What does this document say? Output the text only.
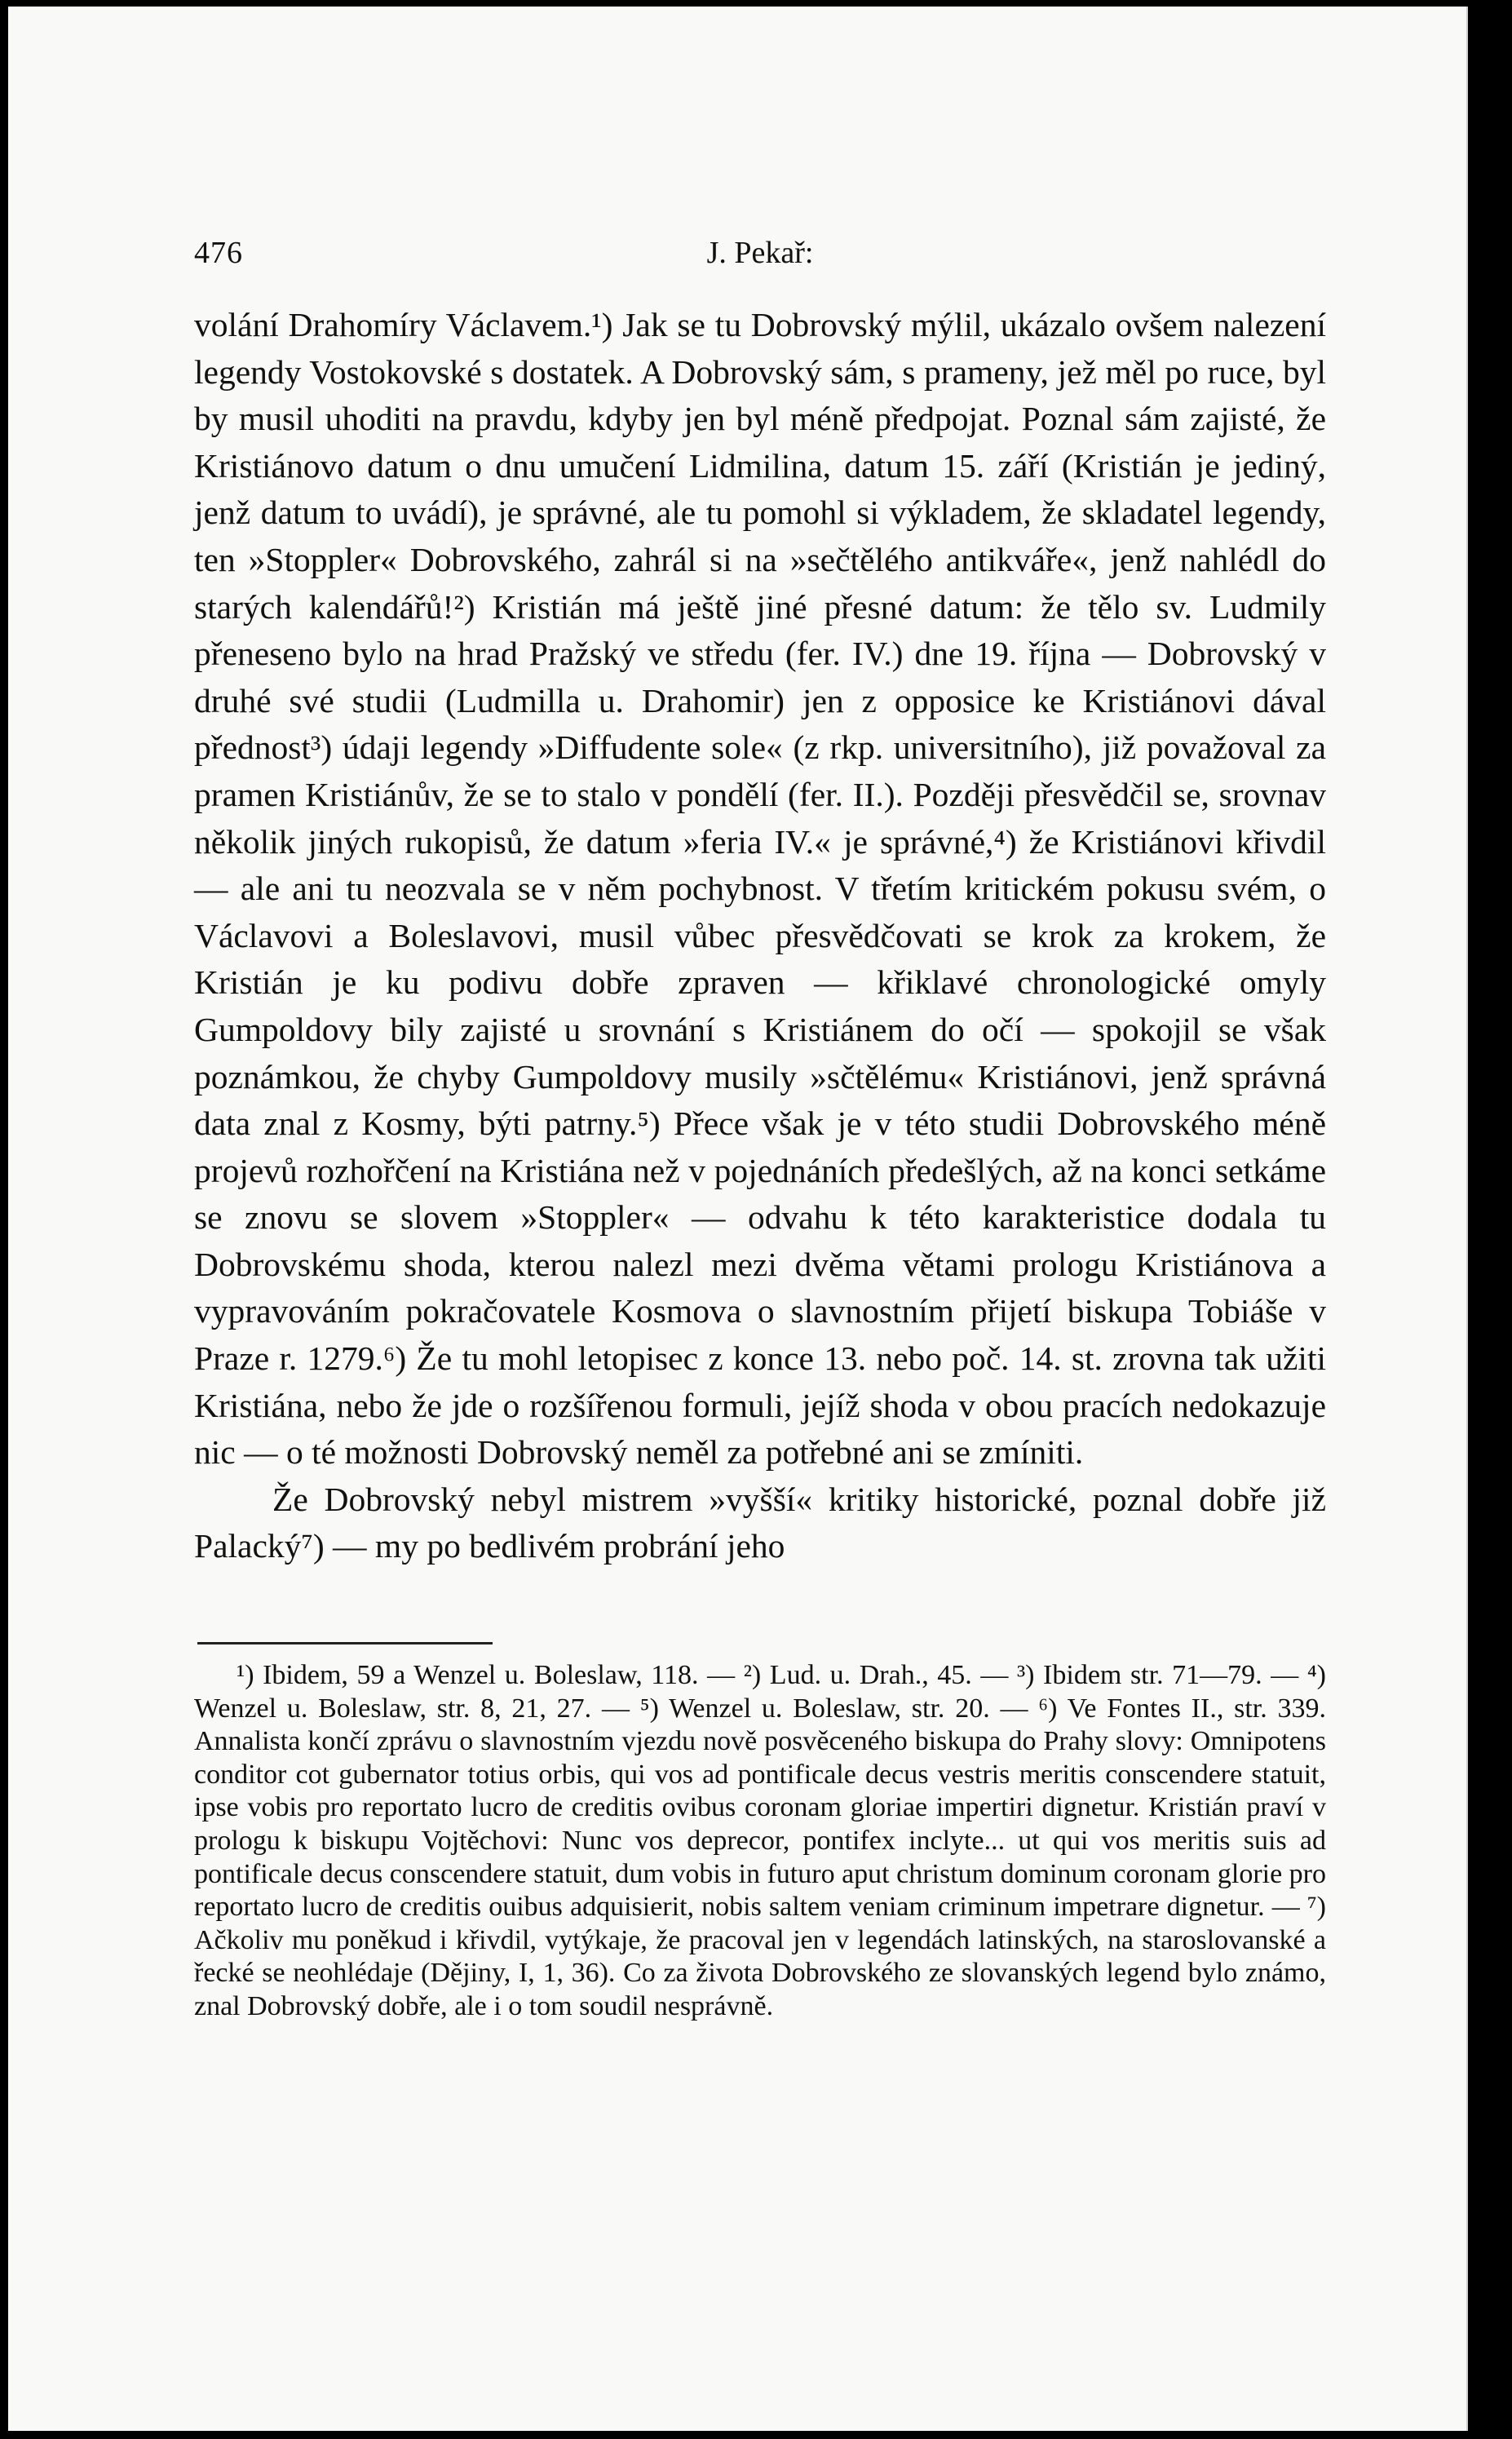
476	J. Pekař:

volání Drahomíry Václavem.¹) Jak se tu Dobrovský mýlil, ukázalo ovšem nalezení legendy Vostokovské s dostatek. A Dobrovský sám, s prameny, jež měl po ruce, byl by musil uhoditi na pravdu, kdyby jen byl méně předpojat. Poznal sám zajisté, že Kristiánovo datum o dnu umučení Lidmilina, datum 15. září (Kristián je jediný, jenž datum to uvádí), je správné, ale tu pomohl si výkladem, že skladatel legendy, ten »Stoppler« Dobrovského, zahrál si na »sečtělého antikváře«, jenž nahlédl do starých kalendářů!²) Kristián má ještě jiné přesné datum: že tělo sv. Ludmily přeneseno bylo na hrad Pražský ve středu (fer. IV.) dne 19. října — Dobrovský v druhé své studii (Ludmilla u. Drahomir) jen z opposice ke Kristiánovi dával přednost³) údaji legendy »Diffudente sole« (z rkp. universitního), již považoval za pramen Kristiánův, že se to stalo v pondělí (fer. II.). Později přesvědčil se, srovnav několik jiných rukopisů, že datum »feria IV.« je správné,⁴) že Kristiánovi křivdil — ale ani tu neozvala se v něm pochybnost. V třetím kritickém pokusu svém, o Václavovi a Boleslavovi, musil vůbec přesvědčovati se krok za krokem, že Kristián je ku podivu dobře zpraven — křiklavé chronologické omyly Gumpoldovy bily zajisté u srovnání s Kristiánem do očí — spokojil se však poznámkou, že chyby Gumpoldovy musily »sčtělému« Kristiánovi, jenž správná data znal z Kosmy, býti patrny.⁵) Přece však je v této studii Dobrovského méně projevů rozhořčení na Kristiána než v pojednáních předešlých, až na konci setkáme se znovu se slovem »Stoppler« — odvahu k této karakteristice dodala tu Dobrovskému shoda, kterou nalezl mezi dvěma větami prologu Kristiánova a vypravováním pokračovatele Kosmova o slavnostním přijetí biskupa Tobiáše v Praze r. 1279.⁶) Že tu mohl letopisec z konce 13. nebo poč. 14. st. zrovna tak užiti Kristiána, nebo že jde o rozšířenou formuli, jejíž shoda v obou pracích nedokazuje nic — o té možnosti Dobrovský neměl za potřebné ani se zmíniti.

Že Dobrovský nebyl mistrem »vyšší« kritiky historické, poznal dobře již Palacký⁷) — my po bedlivém probrání jeho

¹) Ibidem, 59 a Wenzel u. Boleslaw, 118. — ²) Lud. u. Drah., 45. — ³) Ibidem str. 71—79. — ⁴) Wenzel u. Boleslaw, str. 8, 21, 27. — ⁵) Wenzel u. Boleslaw, str. 20. — ⁶) Ve Fontes II., str. 339. Annalista končí zprávu o slavnostním vjezdu nově posvěceného biskupa do Prahy slovy: Omnipotens conditor cot gubernator totius orbis, qui vos ad pontificale decus vestris meritis conscendere statuit, ipse vobis pro reportato lucro de creditis ovibus coronam gloriae impertiri dignetur. Kristián praví v prologu k biskupu Vojtěchovi: Nunc vos deprecor, pontifex inclyte... ut qui vos meritis suis ad pontificale decus conscendere statuit, dum vobis in futuro aput christum dominum coronam glorie pro reportato lucro de creditis ouibus adquisierit, nobis saltem veniam criminum impetrare dignetur. — ⁷) Ačkoliv mu poněkud i křivdil, vytýkaje, že pracoval jen v legendách latinských, na staroslovanské a řecké se neohlédaje (Dějiny, I, 1, 36). Co za života Dobrovského ze slovanských legend bylo známo, znal Dobrovský dobře, ale i o tom soudil nesprávně.
